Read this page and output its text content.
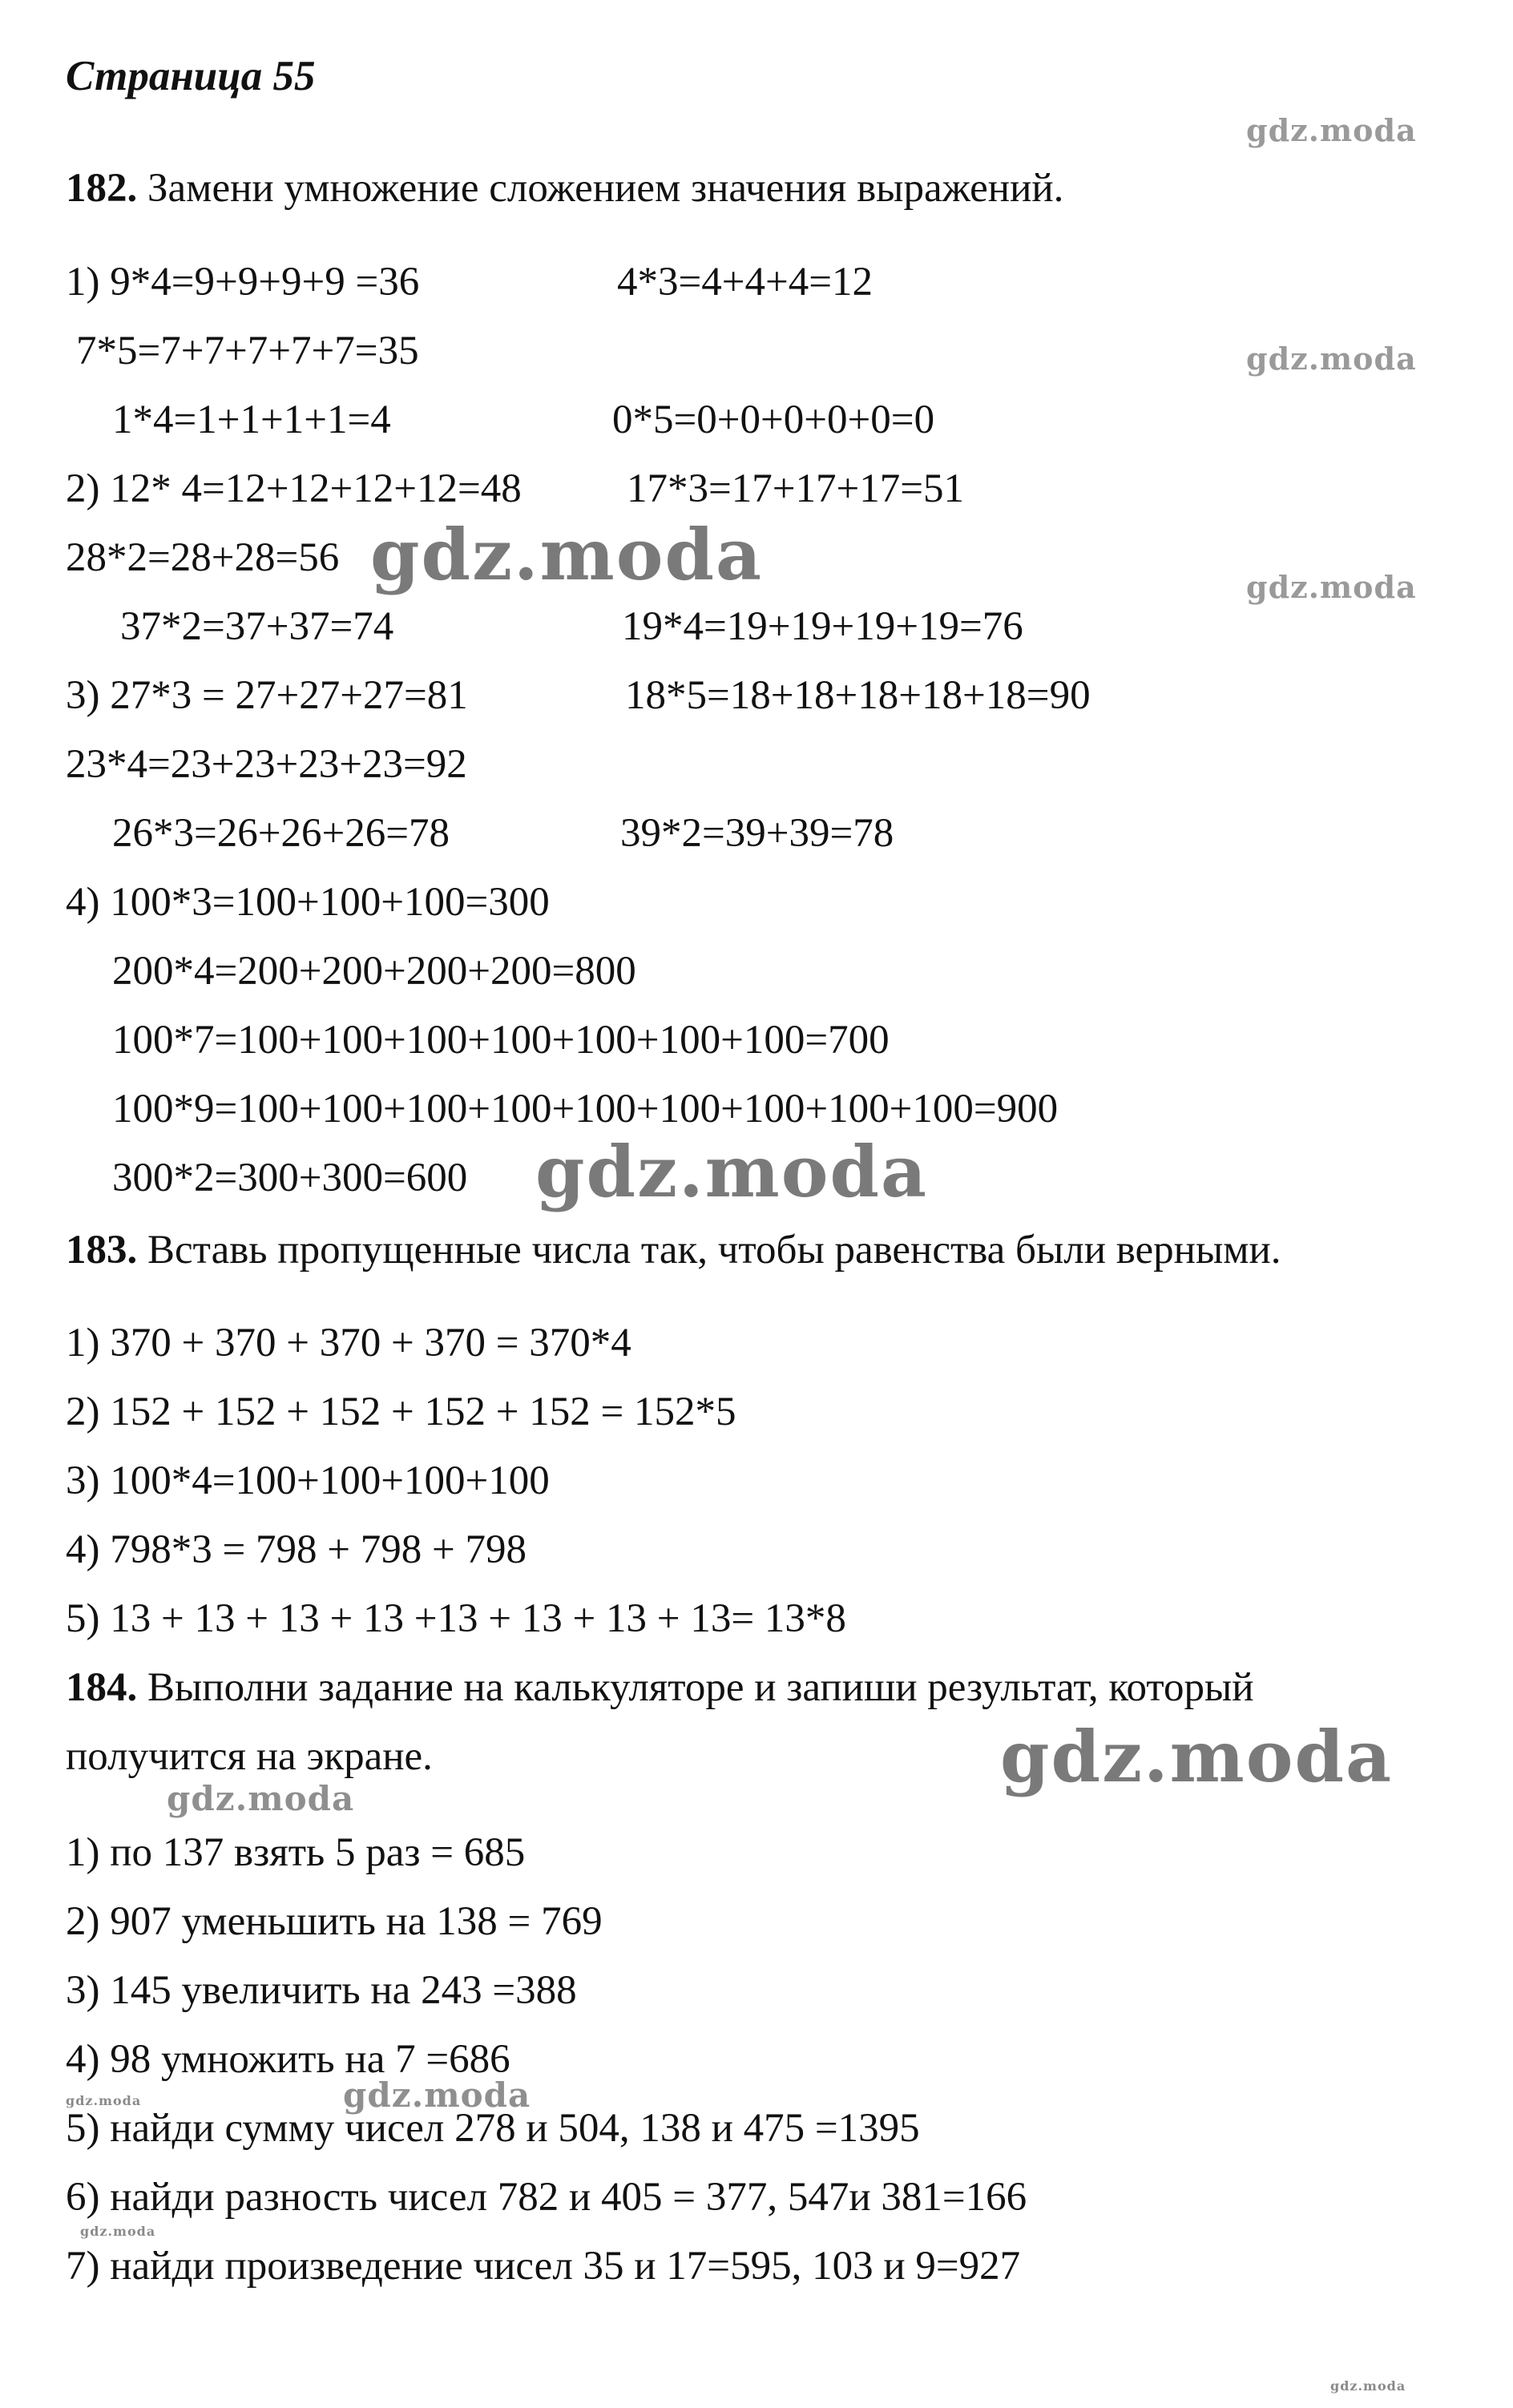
Страница 55
gdz.moda
gdz.moda
gdz.moda
gdz.moda
gdz.moda
gdz.moda
gdz.moda
gdz.moda
gdz.moda
gdz.moda
gdz.moda
182. Замени умножение сложением значения выражений.
1) 9*4=9+9+9+9 =36	4*3=4+4+4=12
7*5=7+7+7+7+7=35
1*4=1+1+1+1=4	0*5=0+0+0+0+0=0
2) 12* 4=12+12+12+12=48	17*3=17+17+17=51
28*2=28+28=56
37*2=37+37=74	19*4=19+19+19+19=76
3) 27*3 = 27+27+27=81	18*5=18+18+18+18+18=90
23*4=23+23+23+23=92
26*3=26+26+26=78	39*2=39+39=78
4) 100*3=100+100+100=300
200*4=200+200+200+200=800
100*7=100+100+100+100+100+100+100=700
100*9=100+100+100+100+100+100+100+100+100=900
300*2=300+300=600
183. Вставь пропущенные числа так, чтобы равенства были верными.
1) 370 + 370 + 370 + 370 = 370*4
2) 152 + 152 + 152 + 152 + 152 = 152*5
3) 100*4=100+100+100+100
4) 798*3 = 798 + 798 + 798
5) 13 + 13 + 13 + 13 +13 + 13 + 13 + 13= 13*8
184. Выполни задание на калькуляторе и запиши результат, который
получится на экране.
1) по 137 взять 5 раз = 685
2) 907 уменьшить на 138 = 769
3) 145 увеличить на 243 =388
4) 98 умножить на 7 =686
5) найди сумму чисел 278 и 504, 138 и 475 =1395
6) найди разность чисел 782 и 405 = 377, 547и 381=166
7) найди произведение чисел 35 и 17=595, 103 и 9=927
